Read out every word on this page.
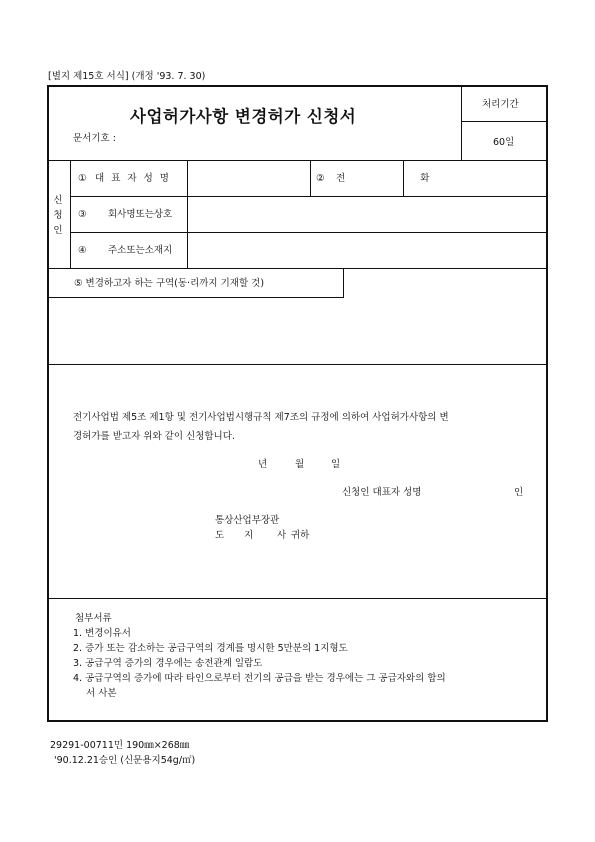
[별지 제15호 서식] (개정 '93. 7. 30)
사업허가사항 변경허가 신청서
문서기호 :
처리기간
60일
신
청
인
① 대 표 자 성 명	② 전 화
③ 회사명또는상호
④ 주소또는소재지
⑤ 변경하고자 하는 구역(동·리까지 기재할 것)
전기사업법 제5조 제1항 및 전기사업법시행규칙 제7조의 규정에 의하여 사업허가사항의 변
경허가를 받고자 위와 같이 신청합니다.
년	월	일
신청인 대표자 성명	인
통상산업부장관
도 지	사 귀하
첨부서류
1. 변경이유서
2. 증가 또는 감소하는 공급구역의 경계를 명시한 5만분의 1지형도
3. 공급구역 증가의 경우에는 송전관계 일람도
4. 공급구역의 증가에 따라 타인으로부터 전기의 공급을 받는 경우에는 그 공급자와의 합의
서 사본
29291-00711민 190㎜×268㎜
'90.12.21승인 (신문용지54g/㎡)
